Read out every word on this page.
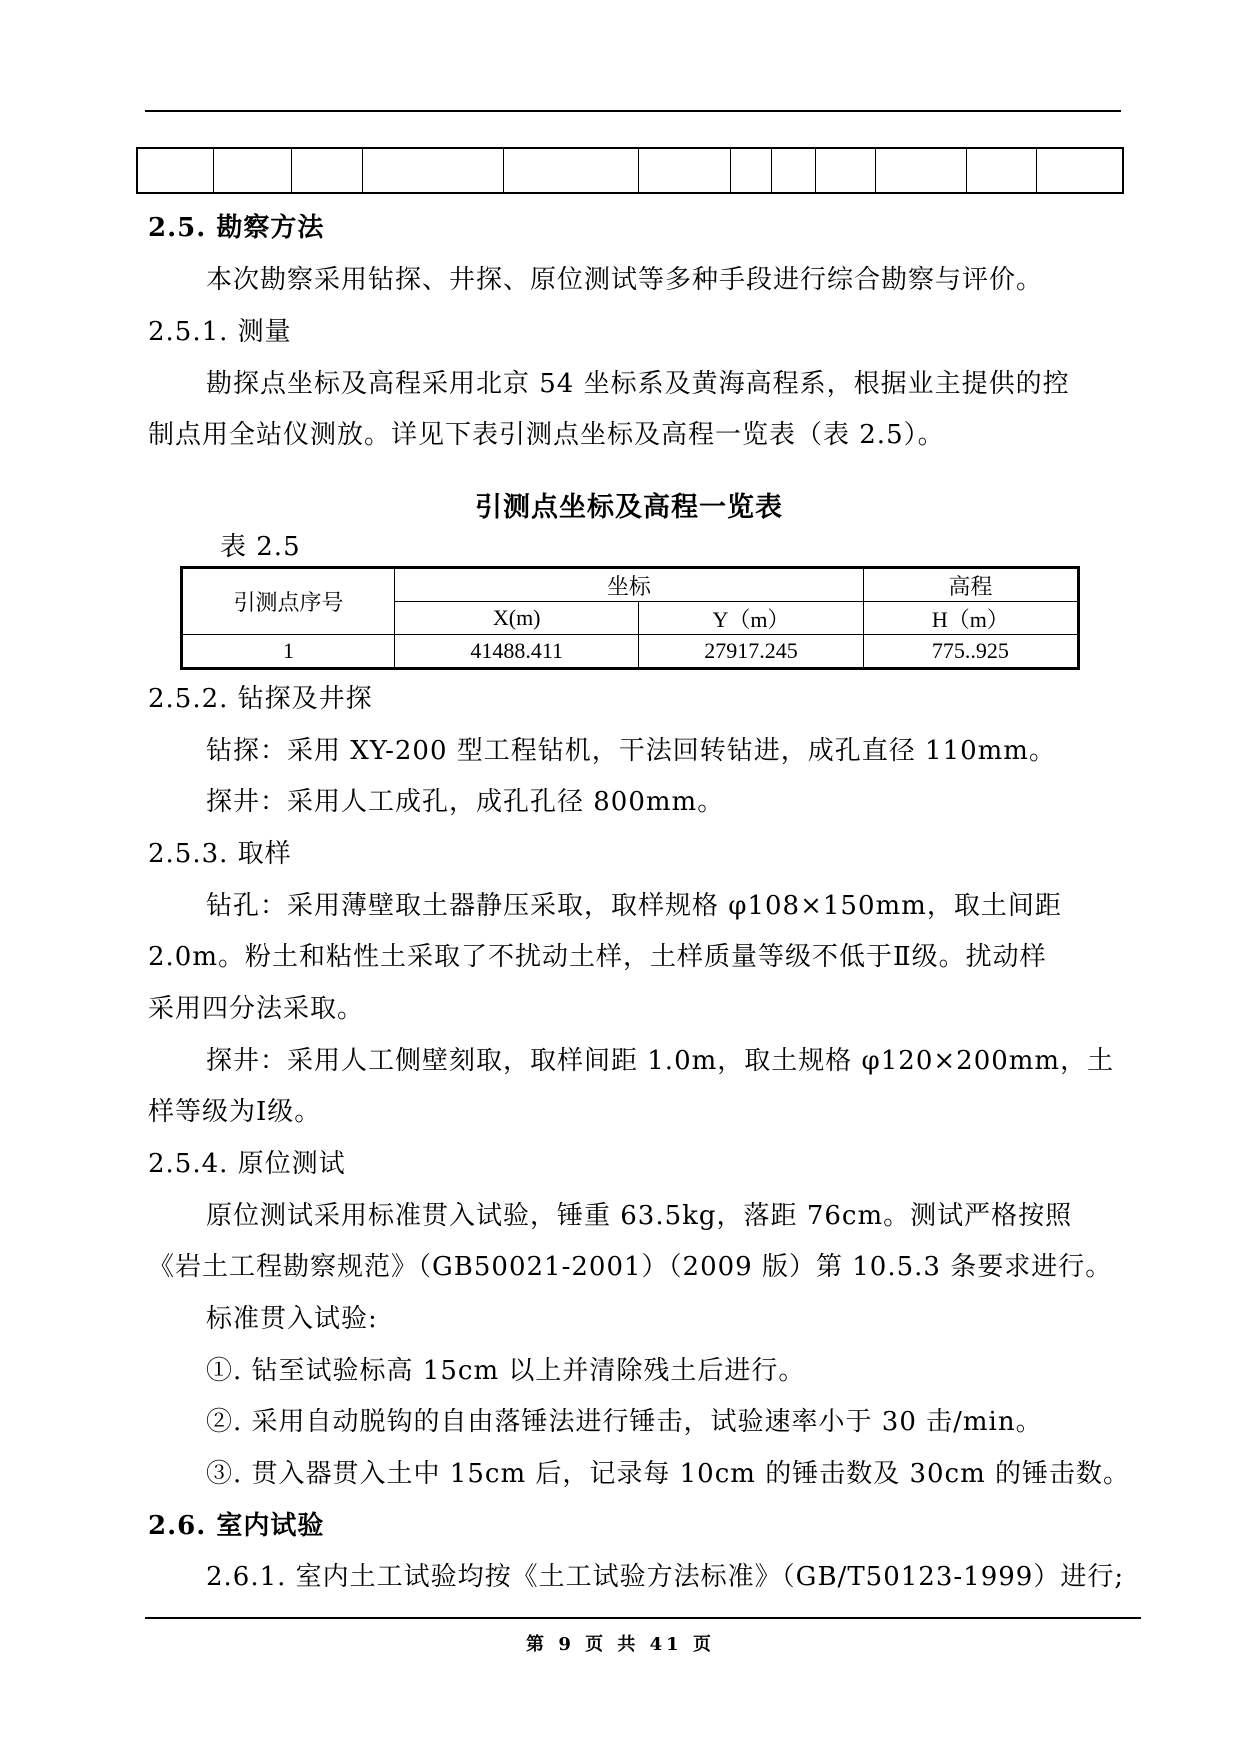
2.5. 勘察方法
本次勘察采用钻探、井探、原位测试等多种手段进行综合勘察与评价。
2.5.1. 测量
勘探点坐标及高程采用北京 54 坐标系及黄海高程系，根据业主提供的控
制点用全站仪测放。详见下表引测点坐标及高程一览表（表 2.5）。
引测点坐标及高程一览表
表 2.5
引测点序号	坐标		高程
	X(m)	Y（m）	H（m）
1	41488.411	27917.245	775..925
2.5.2. 钻探及井探
钻探：采用 XY-200 型工程钻机，干法回转钻进，成孔直径 110mm。
探井：采用人工成孔，成孔孔径 800mm。
2.5.3. 取样
钻孔：采用薄壁取土器静压采取，取样规格 φ108×150mm，取土间距
2.0m。粉土和粘性土采取了不扰动土样，土样质量等级不低于Ⅱ级。扰动样
采用四分法采取。
探井：采用人工侧壁刻取，取样间距 1.0m，取土规格 φ120×200mm，土
样等级为Ⅰ级。
2.5.4. 原位测试
原位测试采用标准贯入试验，锤重 63.5kg，落距 76cm。测试严格按照
《岩土工程勘察规范》（GB50021-2001）（2009 版）第 10.5.3 条要求进行。
标准贯入试验:
①. 钻至试验标高 15cm 以上并清除残土后进行。
②. 采用自动脱钩的自由落锤法进行锤击，试验速率小于 30 击/min。
③. 贯入器贯入土中 15cm 后，记录每 10cm 的锤击数及 30cm 的锤击数。
2.6. 室内试验
2.6.1. 室内土工试验均按《土工试验方法标准》（GB/T50123-1999）进行;
第 9 页 共 41 页
